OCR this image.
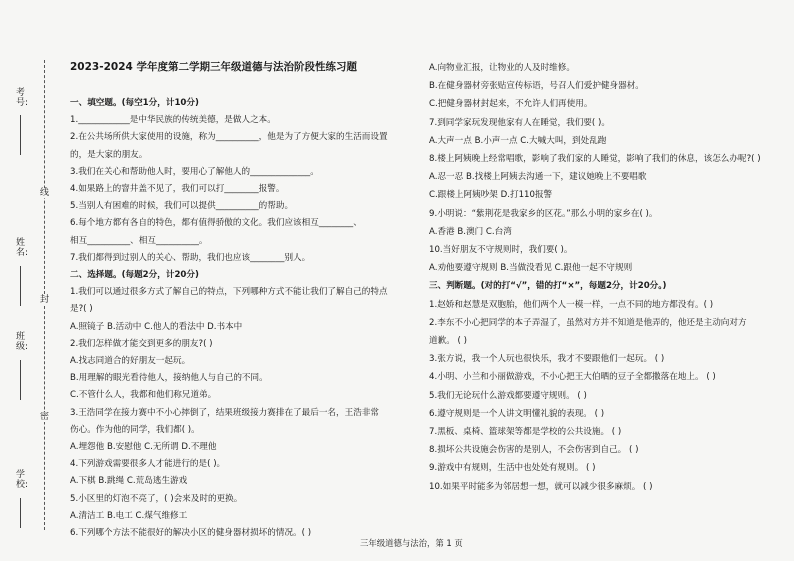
考号:
姓名:
班级:
学校:
线
封
密
2023-2024 学年度第二学期三年级道德与法治阶段性练习题
一、填空题。(每空1分，计10分)
1.____________是中华民族的传统美德，是做人之本。
2.在公共场所供大家使用的设施，称为__________，他是为了方便大家的生活而设置
的，是大家的朋友。
3.我们在关心和帮助他人时，要用心了解他人的______________。
4.如果路上的窨井盖不见了，我们可以打________报警。
5.当别人有困难的时候，我们可以提供__________的帮助。
6.每个地方都有各自的特色，都有值得骄傲的文化。我们应该相互________、
相互__________、相互__________。
7.我们都得到过别人的关心、帮助，我们也应该________别人。
二、选择题。(每题2分，计20分)
1.我们可以通过很多方式了解自己的特点，下列哪种方式不能让我们了解自己的特点
是?( )
A.照镜子 B.活动中 C.他人的看法中 D.书本中
2.我们怎样做才能交到更多的朋友?( )
A.找志同道合的好朋友一起玩。
B.用理解的眼光看待他人，接纳他人与自己的不同。
C.不管什么人，我都和他们称兄道弟。
3.王浩同学在接力赛中不小心摔倒了，结果班级接力赛排在了最后一名，王浩非常
伤心。作为他的同学，我们都( )。
A.埋怨他 B.安慰他 C.无所谓 D.不理他
4.下列游戏需要很多人才能进行的是( )。
A.下棋 B.跳绳 C.荒岛逃生游戏
5.小区里的灯泡不亮了，( )会来及时的更换。
A.清洁工 B.电工 C.煤气维修工
6.下列哪个方法不能很好的解决小区的健身器材损坏的情况。( )
A.向物业汇报，让物业的人及时维修。
B.在健身器材旁张贴宣传标语，号召人们爱护健身器材。
C.把健身器材封起来，不允许人们再使用。
7.到同学家玩发现他家有人在睡觉，我们要( )。
A.大声一点 B.小声一点 C.大喊大叫，到处乱跑
8.楼上阿姨晚上经常唱歌，影响了我们家的人睡觉，影响了我们的休息，该怎么办呢?( )
A.忍一忍 B.找楼上阿姨去沟通一下，建议她晚上不要唱歌
C.跟楼上阿姨吵架 D.打110报警
9.小明说：“紫荆花是我家乡的区花。”那么小明的家乡在( )。
A.香港 B.澳门 C.台湾
10.当好朋友不守规则时，我们要( )。
A.劝他要遵守规则 B.当做没看见 C.跟他一起不守规则
三、判断题。(对的打“√”，错的打“×”，每题2分，计20分。)
1.赵娇和赵慧是双胞胎，他们两个人一模一样，一点不同的地方都没有。( )
2.李东不小心把同学的本子弄湿了，虽然对方并不知道是他弄的，他还是主动向对方
道歉。 ( )
3.张方说，我一个人玩也很快乐，我才不要跟他们一起玩。 ( )
4.小明、小兰和小丽做游戏，不小心把王大伯晒的豆子全都撒落在地上。 ( )
5.我们无论玩什么游戏都要遵守规则。 ( )
6.遵守规则是一个人讲文明懂礼貌的表现。 ( )
7.黑板、桌椅、篮球架等都是学校的公共设施。 ( )
8.损坏公共设施会伤害的是别人，不会伤害到自己。 ( )
9.游戏中有规则，生活中也处处有规则。 ( )
10.如果平时能多为邻居想一想，就可以减少很多麻烦。 ( )
三年级道德与法治，第 1 页
